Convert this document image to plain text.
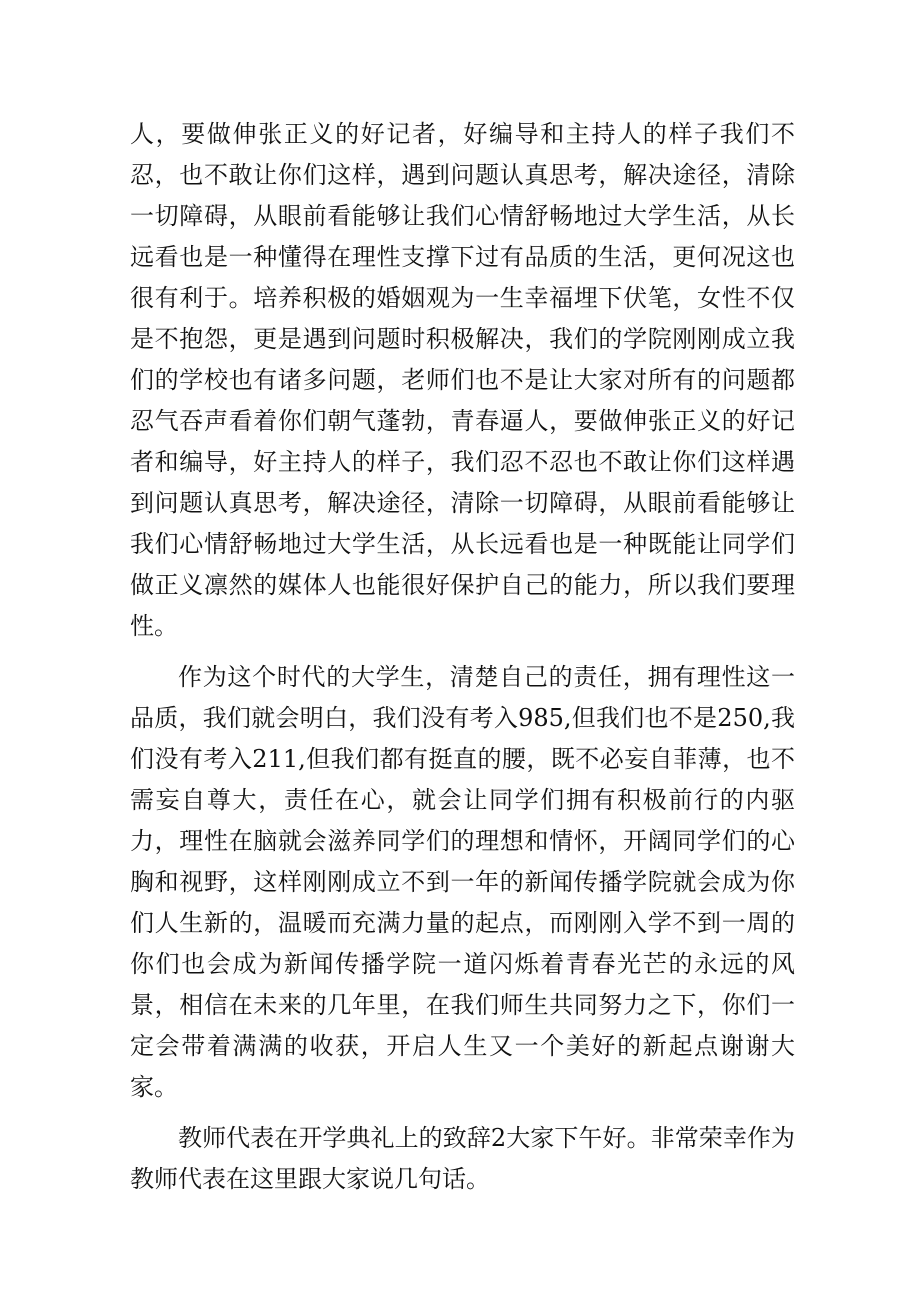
人，要做伸张正义的好记者，好编导和主持人的样子我们不忍，也不敢让你们这样，遇到问题认真思考，解决途径，清除一切障碍，从眼前看能够让我们心情舒畅地过大学生活，从长远看也是一种懂得在理性支撑下过有品质的生活，更何况这也很有利于。培养积极的婚姻观为一生幸福埋下伏笔，女性不仅是不抱怨，更是遇到问题时积极解决，我们的学院刚刚成立我们的学校也有诸多问题，老师们也不是让大家对所有的问题都忍气吞声看着你们朝气蓬勃，青春逼人，要做伸张正义的好记者和编导，好主持人的样子，我们忍不忍也不敢让你们这样遇到问题认真思考，解决途径，清除一切障碍，从眼前看能够让我们心情舒畅地过大学生活，从长远看也是一种既能让同学们做正义凛然的媒体人也能很好保护自己的能力，所以我们要理性。

作为这个时代的大学生，清楚自己的责任，拥有理性这一品质，我们就会明白，我们没有考入985,但我们也不是250,我们没有考入211,但我们都有挺直的腰，既不必妄自菲薄，也不需妄自尊大，责任在心，就会让同学们拥有积极前行的内驱力，理性在脑就会滋养同学们的理想和情怀，开阔同学们的心胸和视野，这样刚刚成立不到一年的新闻传播学院就会成为你们人生新的，温暖而充满力量的起点，而刚刚入学不到一周的你们也会成为新闻传播学院一道闪烁着青春光芒的永远的风景，相信在未来的几年里，在我们师生共同努力之下，你们一定会带着满满的收获，开启人生又一个美好的新起点谢谢大家。

教师代表在开学典礼上的致辞2大家下午好。非常荣幸作为教师代表在这里跟大家说几句话。
